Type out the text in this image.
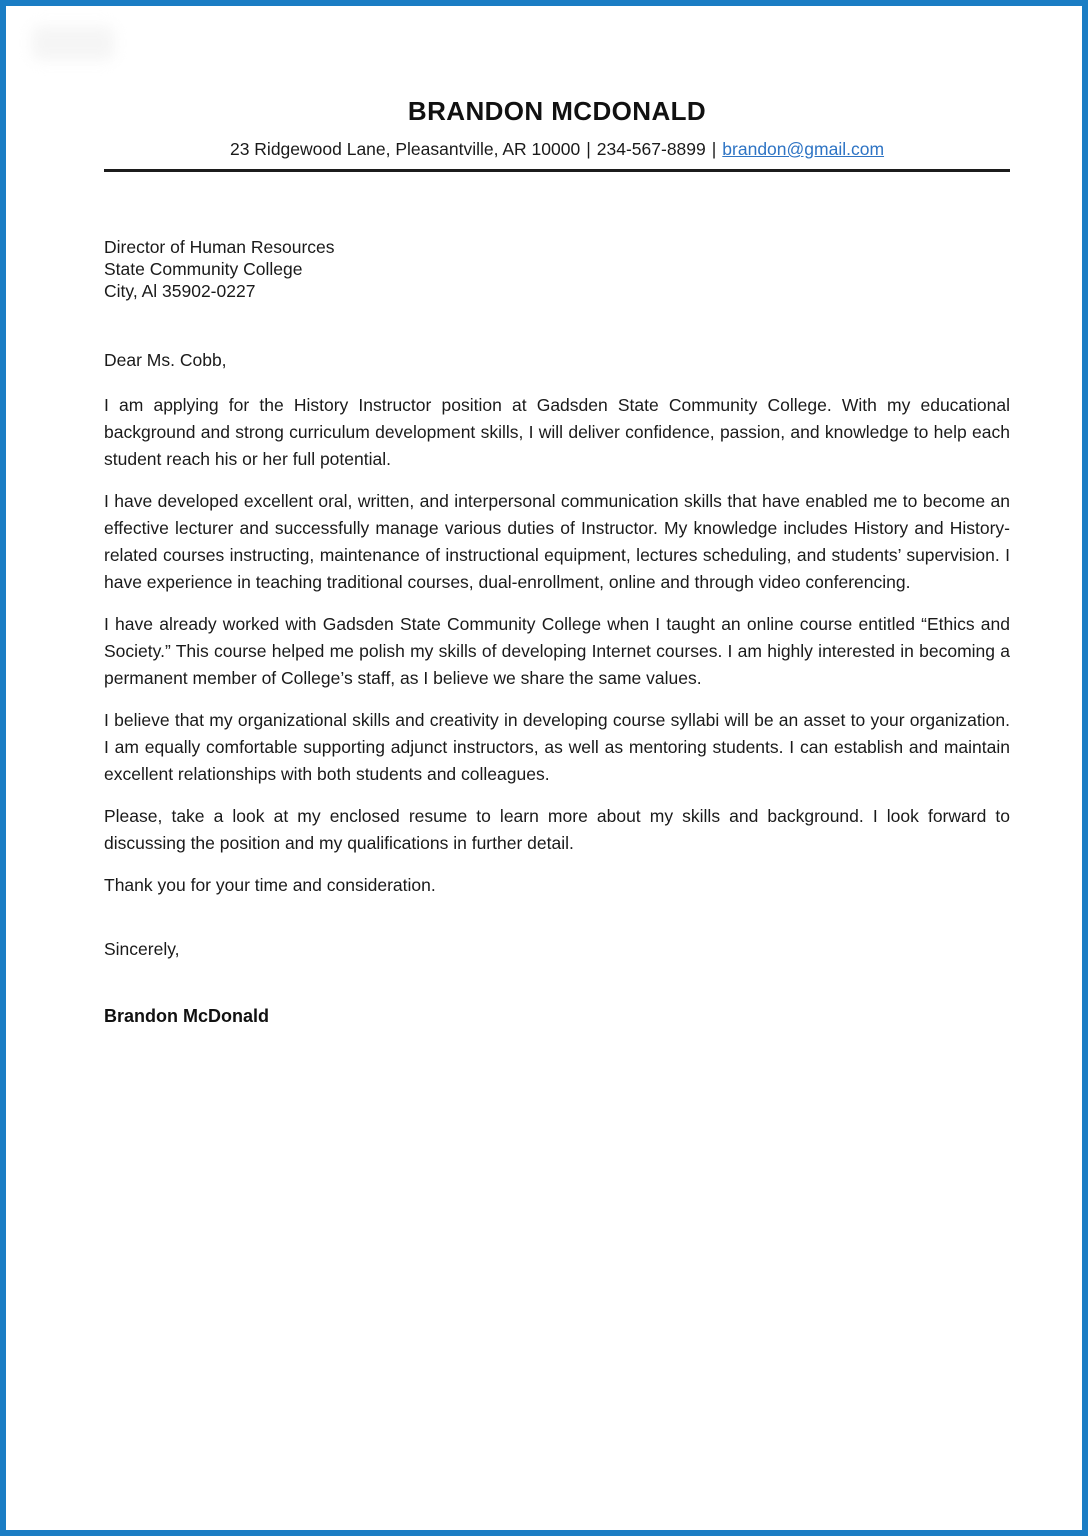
BRANDON MCDONALD
23 Ridgewood Lane, Pleasantville, AR 10000 | 234-567-8899 | brandon@gmail.com
Director of Human Resources
State Community College
City, Al 35902-0227
Dear Ms. Cobb,

I am applying for the History Instructor position at Gadsden State Community College. With my educational background and strong curriculum development skills, I will deliver confidence, passion, and knowledge to help each student reach his or her full potential.

I have developed excellent oral, written, and interpersonal communication skills that have enabled me to become an effective lecturer and successfully manage various duties of Instructor. My knowledge includes History and History-related courses instructing, maintenance of instructional equipment, lectures scheduling, and students’ supervision. I have experience in teaching traditional courses, dual-enrollment, online and through video conferencing.

I have already worked with Gadsden State Community College when I taught an online course entitled “Ethics and Society.” This course helped me polish my skills of developing Internet courses. I am highly interested in becoming a permanent member of College’s staff, as I believe we share the same values.

I believe that my organizational skills and creativity in developing course syllabi will be an asset to your organization. I am equally comfortable supporting adjunct instructors, as well as mentoring students. I can establish and maintain excellent relationships with both students and colleagues.

Please, take a look at my enclosed resume to learn more about my skills and background. I look forward to discussing the position and my qualifications in further detail.

Thank you for your time and consideration.

Sincerely,
Brandon McDonald
